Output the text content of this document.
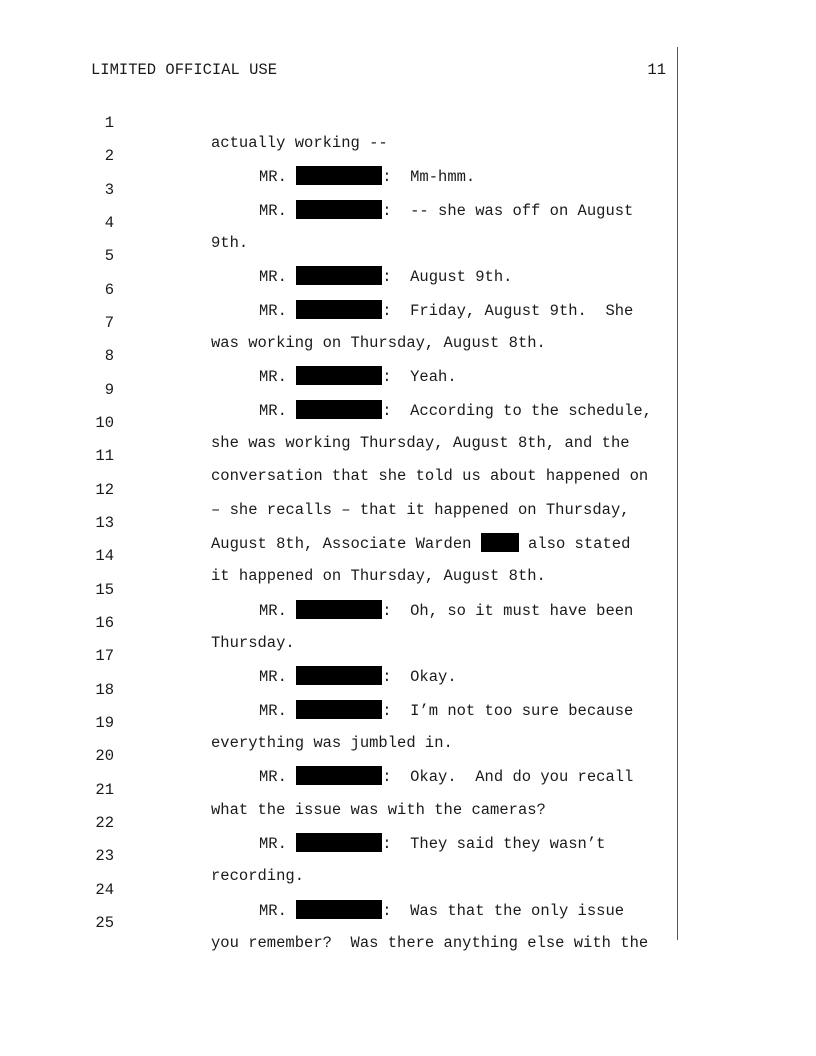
LIMITED OFFICIAL USE	11

1

actually working --

2

MR.	:  Mm-hmm.

3

MR.	:  -- she was off on August

4

9th.

5

MR.	:  August 9th.

6

MR.	:  Friday, August 9th.  She

7

was working on Thursday, August 8th.

8

MR.	:  Yeah.

9

MR.	:  According to the schedule,

10

she was working Thursday, August 8th, and the

11

conversation that she told us about happened on

12

– she recalls – that it happened on Thursday,

13

August 8th, Associate Warden  also stated

14

it happened on Thursday, August 8th.

15

MR.	:  Oh, so it must have been

16

Thursday.

17

MR.	:  Okay.

18

MR.	:  I’m not too sure because

19

everything was jumbled in.

20

MR.	:  Okay.  And do you recall

21

what the issue was with the cameras?

22

MR.	:  They said they wasn’t

23

recording.

24

MR.	:  Was that the only issue

25

you remember?  Was there anything else with the
